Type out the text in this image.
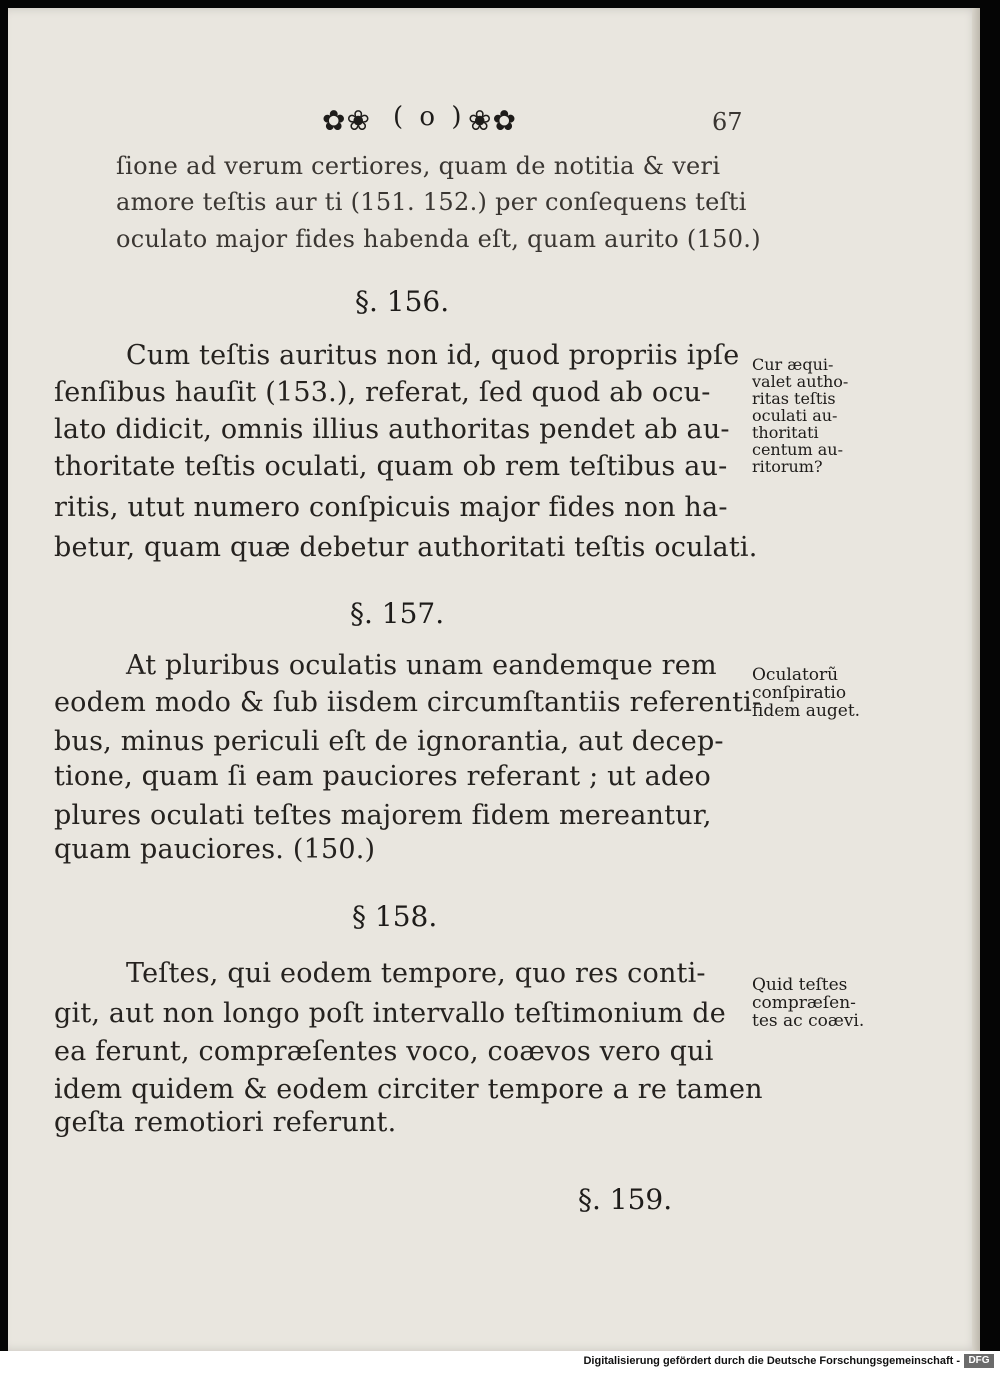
✿❀ ( o ) ❀✿	67
ſione ad verum certiores, quam de notitia & veri
amore teſtis aur ti (151. 152.) per conſequens teſti
oculato major fides habenda eſt, quam aurito (150.)
§. 156.
Cum teſtis auritus non id, quod propriis ipſe
ſenſibus hauſit (153.), referat, ſed quod ab ocu-
lato didicit, omnis illius authoritas pendet ab au-
thoritate teſtis oculati, quam ob rem teſtibus au-
ritis, utut numero conſpicuis major fides non ha-
betur, quam quæ debetur authoritati teſtis oculati.
Cur æqui-
valet autho-
ritas teſtis
oculati au-
thoritati
centum au-
ritorum?
§. 157.
At pluribus oculatis unam eandemque rem
eodem modo & ſub iisdem circumſtantiis referenti-
bus, minus periculi eſt de ignorantia, aut decep-
tione, quam ſi eam pauciores referant ; ut adeo
plures oculati teſtes majorem fidem mereantur,
quam pauciores. (150.)
Oculatorũ
conſpiratio
fidem auget.
§ 158.
Teſtes, qui eodem tempore, quo res conti-
git, aut non longo poſt intervallo teſtimonium de
ea ferunt, compræſentes voco, coævos vero qui
idem quidem & eodem circiter tempore a re tamen
geſta remotiori referunt.
Quid teſtes
compræſen-
tes ac coævi.
§. 159.
Digitalisierung gefördert durch die Deutsche Forschungsgemeinschaft - DFG
